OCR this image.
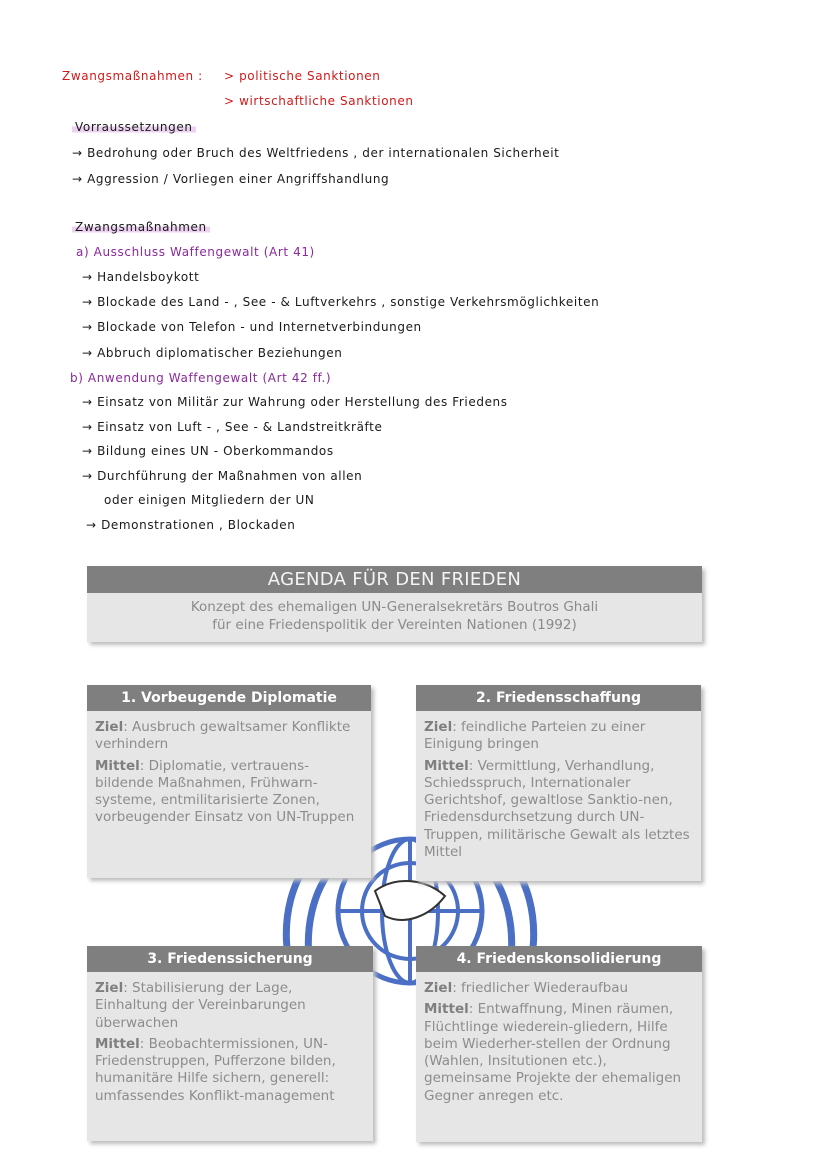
Zwangsmaßnahmen : > politische Sanktionen
> wirtschaftliche Sanktionen
Vorraussetzungen
→ Bedrohung oder Bruch des Weltfriedens , der internationalen Sicherheit
→ Aggression / Vorliegen einer Angriffshandlung
Zwangsmaßnahmen
a) Ausschluss Waffengewalt (Art 41)
→ Handelsboykott
→ Blockade des Land - , See - & Luftverkehrs , sonstige Verkehrsmöglichkeiten
→ Blockade von Telefon - und Internetverbindungen
→ Abbruch diplomatischer Beziehungen
b) Anwendung Waffengewalt (Art 42 ff.)
→ Einsatz von Militär zur Wahrung oder Herstellung des Friedens
→ Einsatz von Luft - , See - & Landstreitkräfte
→ Bildung eines UN - Oberkommandos
→ Durchführung der Maßnahmen von allen
oder einigen Mitgliedern der UN
→ Demonstrationen , Blockaden
AGENDA FÜR DEN FRIEDEN
Konzept des ehemaligen UN-Generalsekretärs Boutros Ghali
für eine Friedenspolitik der Vereinten Nationen (1992)
1. Vorbeugende Diplomatie

Ziel: Ausbruch gewaltsamer Konflikte verhindern

Mittel: Diplomatie, vertrauens-bildende Maßnahmen, Frühwarn-systeme, entmilitarisierte Zonen, vorbeugender Einsatz von UN-Truppen

2. Friedensschaffung

Ziel: feindliche Parteien zu einer Einigung bringen

Mittel: Vermittlung, Verhandlung, Schiedsspruch, Internationaler Gerichtshof, gewaltlose Sanktio-nen, Friedensdurchsetzung durch UN-Truppen, militärische Gewalt als letztes Mittel

3. Friedenssicherung

Ziel: Stabilisierung der Lage, Einhaltung der Vereinbarungen überwachen

Mittel: Beobachtermissionen, UN-Friedenstruppen, Pufferzone bilden, humanitäre Hilfe sichern, generell: umfassendes Konflikt-management

4. Friedenskonsolidierung

Ziel: friedlicher Wiederaufbau

Mittel: Entwaffnung, Minen räumen, Flüchtlinge wiederein-gliedern, Hilfe beim Wiederher-stellen der Ordnung (Wahlen, Insitutionen etc.), gemeinsame Projekte der ehemaligen Gegner anregen etc.
